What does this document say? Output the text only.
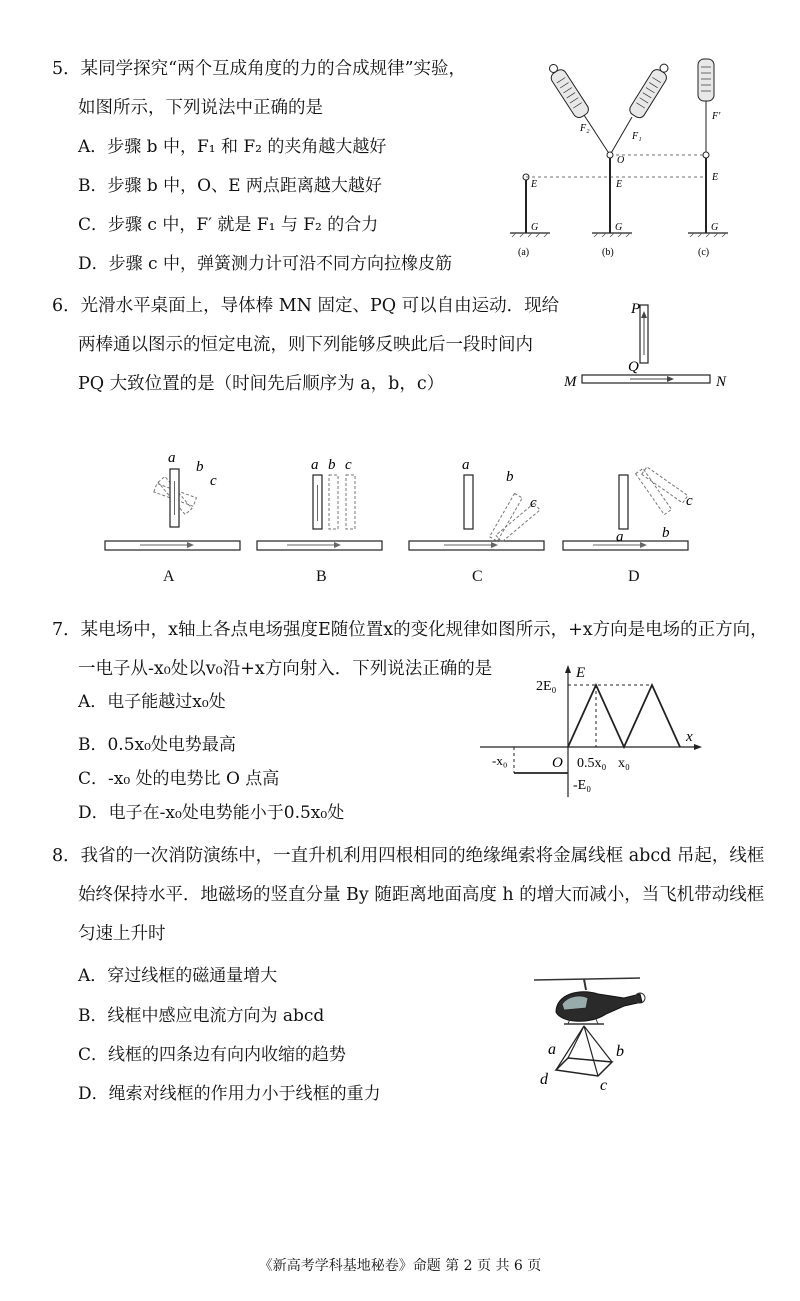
5．某同学探究“两个互成角度的力的合成规律”实验，
如图所示，下列说法中正确的是
A．步骤 b 中，F₁ 和 F₂ 的夹角越大越好
B．步骤 b 中，O、E 两点距离越大越好
C．步骤 c 中，F′ 就是 F₁ 与 F₂ 的合力
D．步骤 c 中，弹簧测力计可沿不同方向拉橡皮筋
F₂
F₁
F′
O
E	E
E
G	G	G
(a)	(b)	(c)
6．光滑水平桌面上，导体棒 MN 固定、PQ 可以自由运动．现给
两棒通以图示的恒定电流，则下列能够反映此后一段时间内
PQ 大致位置的是（时间先后顺序为 a，b，c）
P
Q
M	N
a
b
c
A
a b c
B
a
b
c
C
a	b
c
D
7．某电场中，x轴上各点电场强度E随位置x的变化规律如图所示，+x方向是电场的正方向，
一电子从-x₀处以v₀沿+x方向射入．下列说法正确的是
A．电子能越过x₀处
B．0.5x₀处电势最高
C．-x₀ 处的电势比 O 点高
D．电子在-x₀处电势能小于0.5x₀处
E
x
O
2E₀
-E₀
-x₀	0.5x₀ x₀
8．我省的一次消防演练中，一直升机利用四根相同的绝缘绳索将金属线框 abcd 吊起，线框
始终保持水平．地磁场的竖直分量 By 随距离地面高度 h 的增大而减小，当飞机带动线框
匀速上升时
A．穿过线框的磁通量增大
B．线框中感应电流方向为 abcd
C．线框的四条边有向内收缩的趋势
D．绳索对线框的作用力小于线框的重力
a	b
c
d
《新高考学科基地秘卷》命题 第 2 页 共 6 页
